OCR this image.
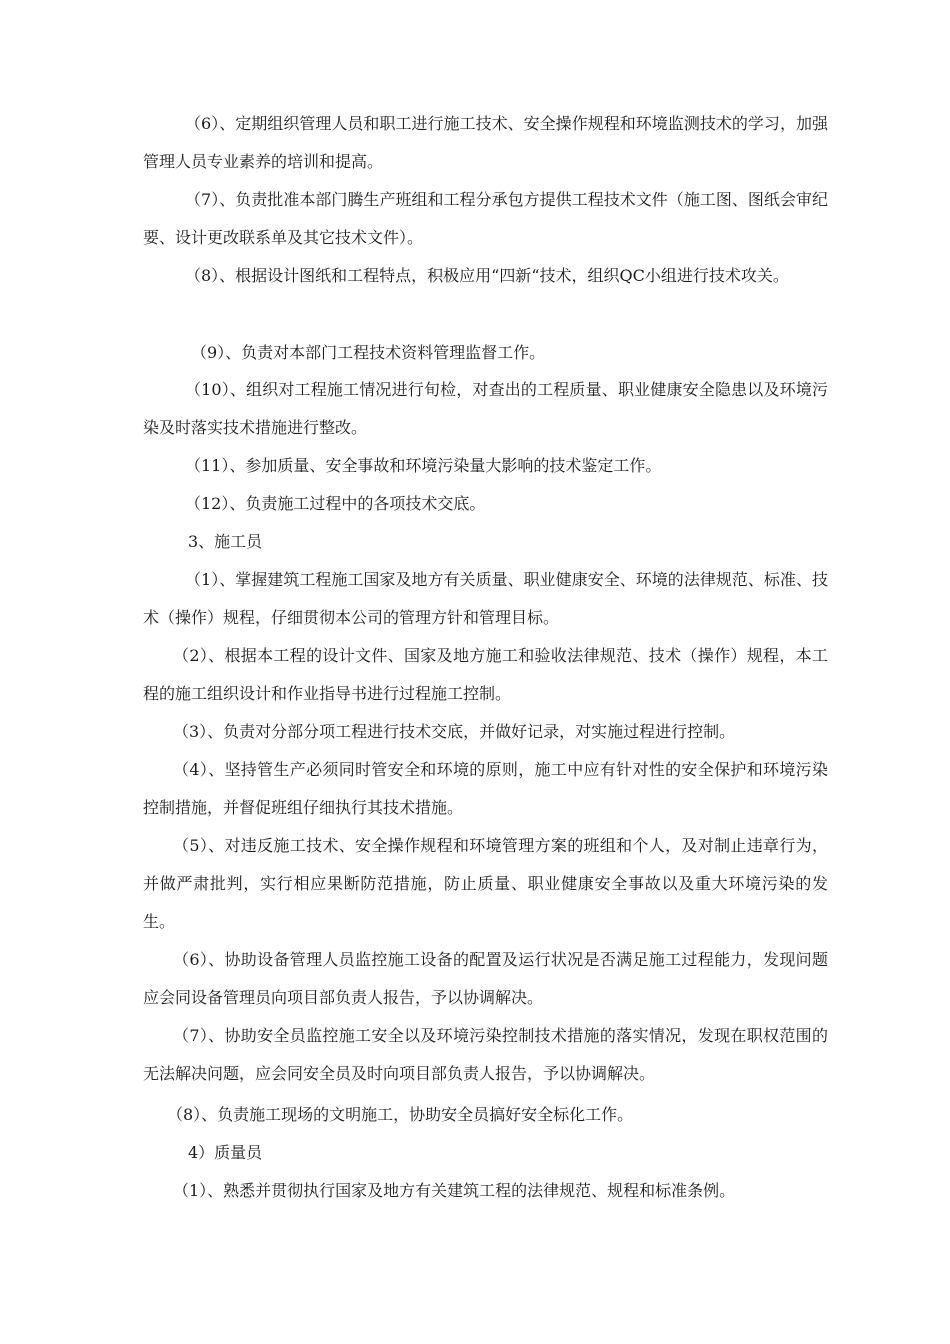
（6）、定期组织管理人员和职工进行施工技术、安全操作规程和环境监测技术的学习，加强管理人员专业素养的培训和提高。

（7）、负责批准本部门腾生产班组和工程分承包方提供工程技术文件（施工图、图纸会审纪要、设计更改联系单及其它技术文件）。

（8）、根据设计图纸和工程特点，积极应用“四新“技术，组织QC小组进行技术攻关。

（9）、负责对本部门工程技术资料管理监督工作。

（10）、组织对工程施工情况进行旬检，对查出的工程质量、职业健康安全隐患以及环境污染及时落实技术措施进行整改。

（11）、参加质量、安全事故和环境污染量大影响的技术鉴定工作。

（12）、负责施工过程中的各项技术交底。

3、施工员

（1）、掌握建筑工程施工国家及地方有关质量、职业健康安全、环境的法律规范、标准、技术（操作）规程，仔细贯彻本公司的管理方针和管理目标。

（2）、根据本工程的设计文件、国家及地方施工和验收法律规范、技术（操作）规程，本工程的施工组织设计和作业指导书进行过程施工控制。

（3）、负责对分部分项工程进行技术交底，并做好记录，对实施过程进行控制。

（4）、坚持管生产必须同时管安全和环境的原则，施工中应有针对性的安全保护和环境污染控制措施，并督促班组仔细执行其技术措施。

（5）、对违反施工技术、安全操作规程和环境管理方案的班组和个人，及对制止违章行为，并做严肃批判，实行相应果断防范措施，防止质量、职业健康安全事故以及重大环境污染的发生。

（6）、协助设备管理人员监控施工设备的配置及运行状况是否满足施工过程能力，发现问题应会同设备管理员向项目部负责人报告，予以协调解决。

（7）、协助安全员监控施工安全以及环境污染控制技术措施的落实情况，发现在职权范围的无法解决问题，应会同安全员及时向项目部负责人报告，予以协调解决。

（8）、负责施工现场的文明施工，协助安全员搞好安全标化工作。

4）质量员

（1）、熟悉并贯彻执行国家及地方有关建筑工程的法律规范、规程和标准条例。
